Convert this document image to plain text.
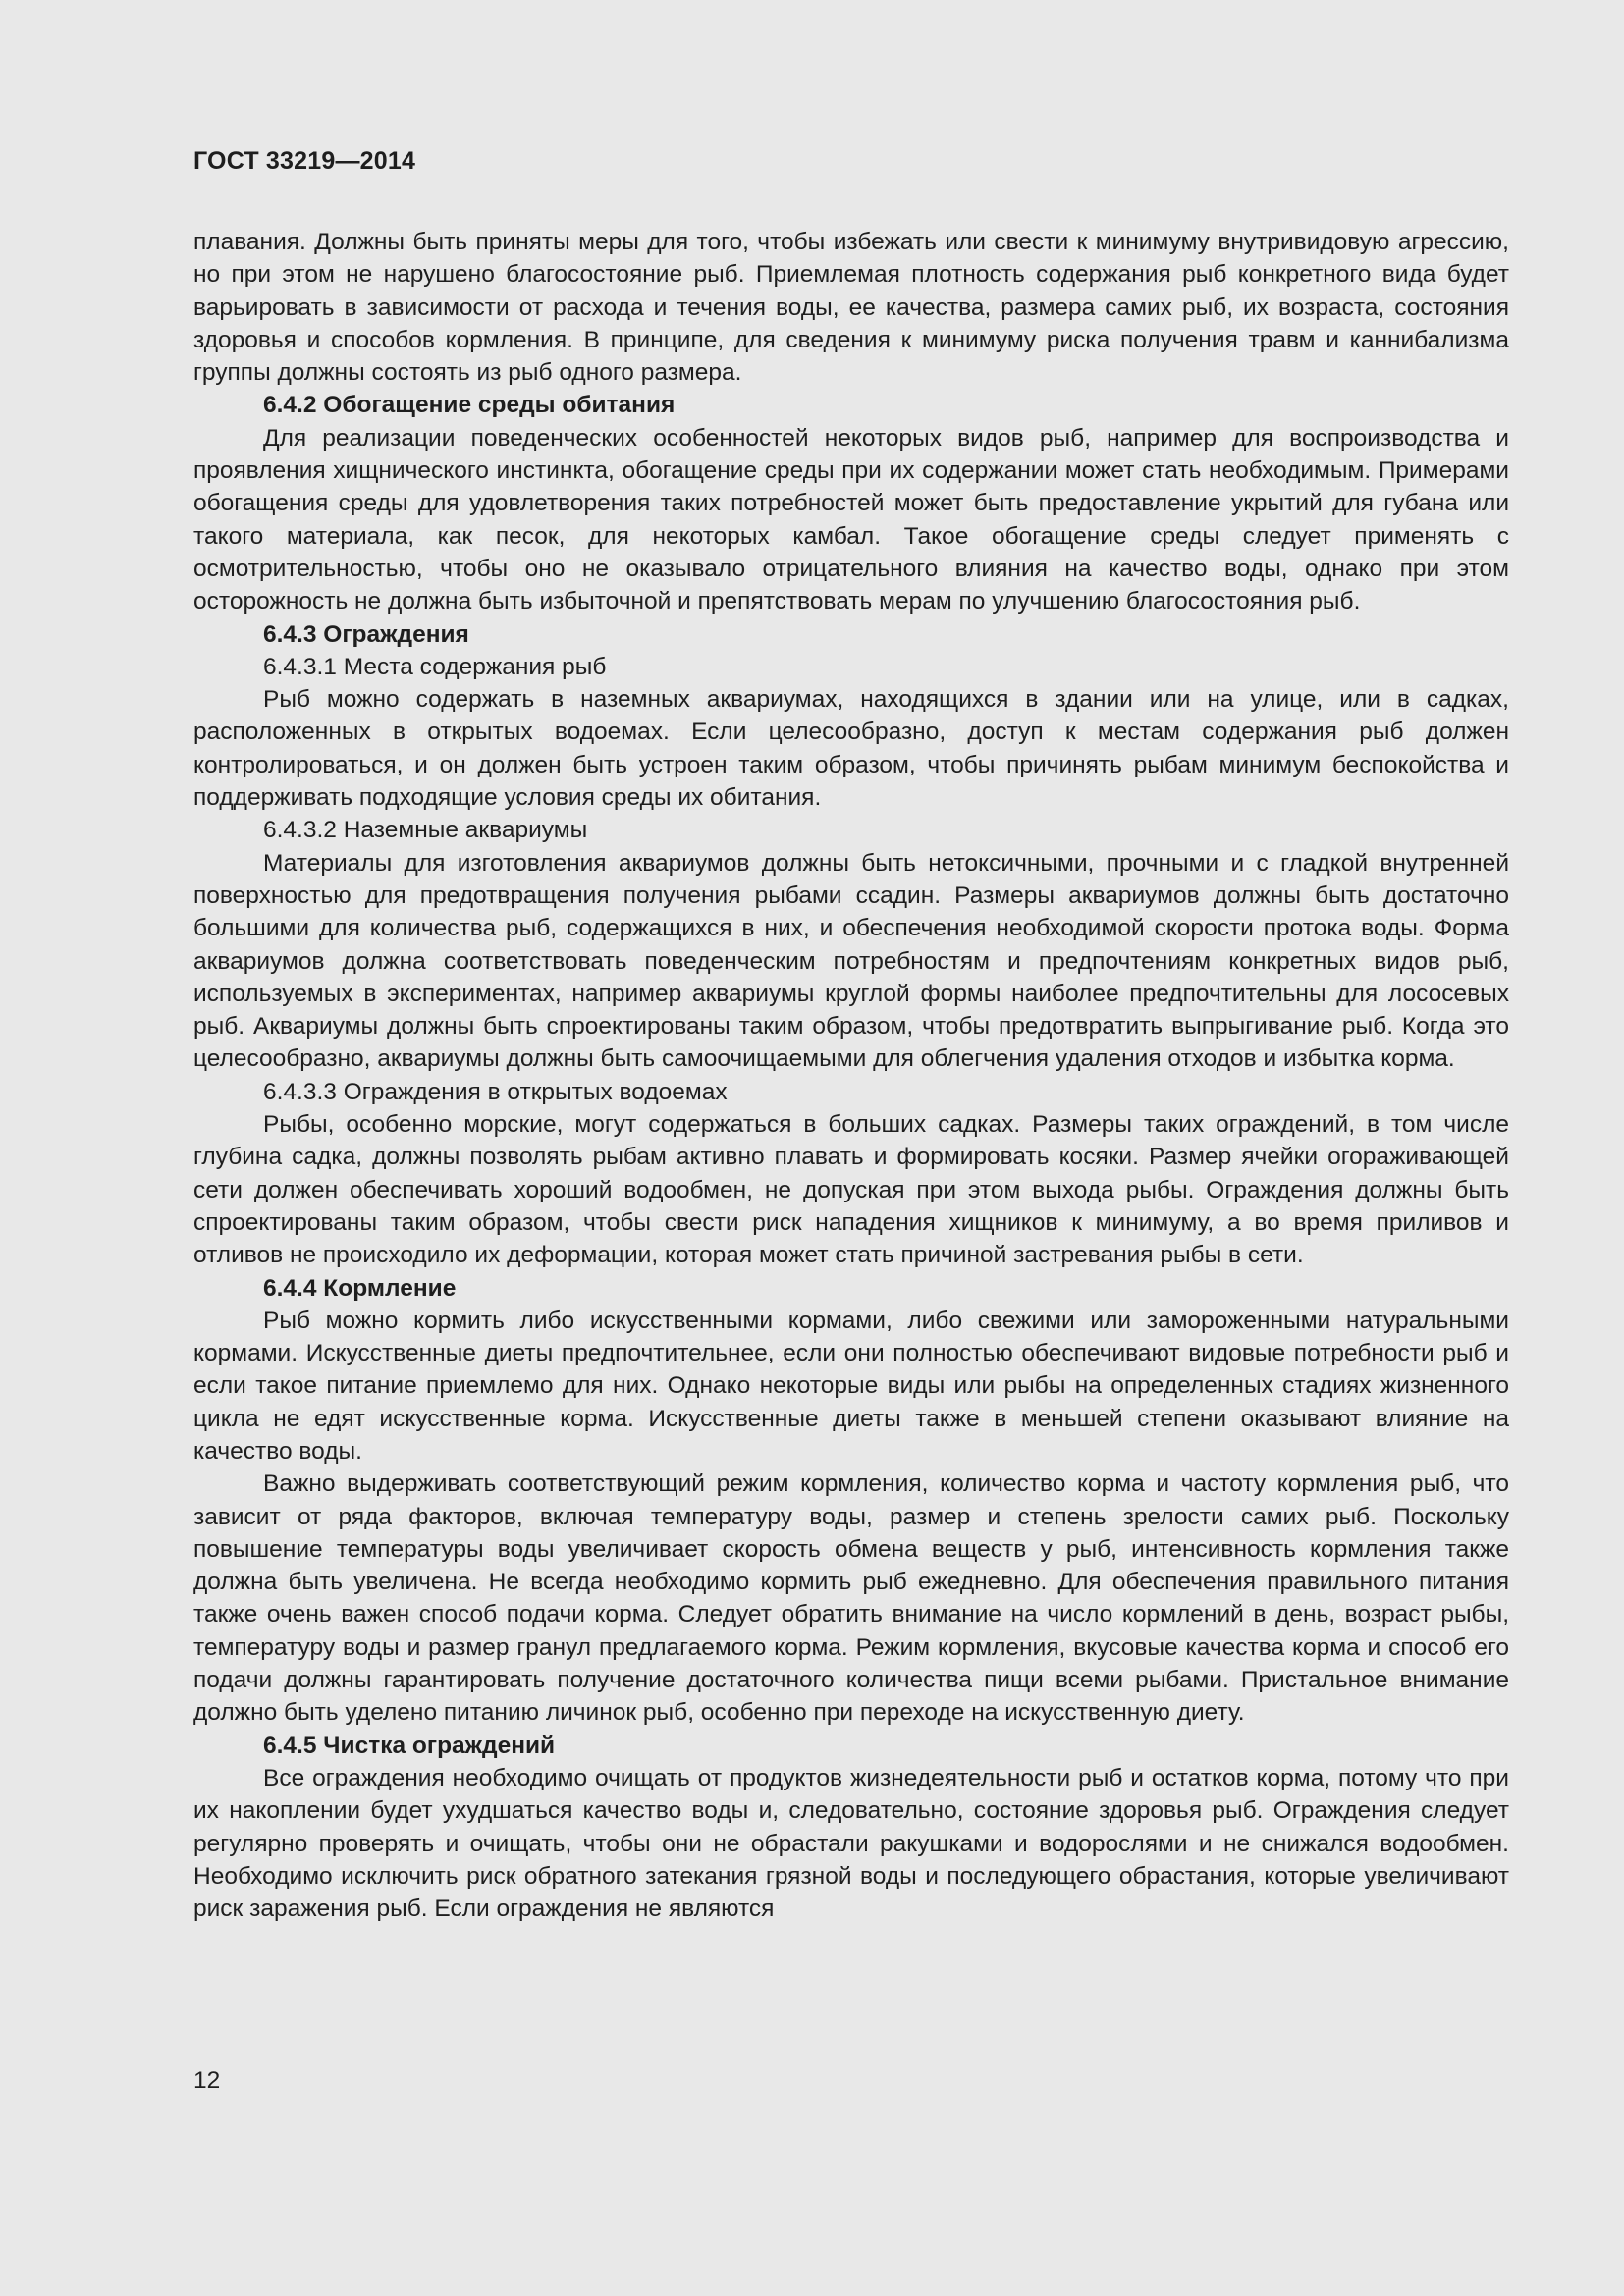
ГОСТ 33219—2014

плавания. Должны быть приняты меры для того, чтобы избежать или свести к минимуму внутривидовую агрессию, но при этом не нарушено благосостояние рыб. Приемлемая плотность содержания рыб конкретного вида будет варьировать в зависимости от расхода и течения воды, ее качества, размера самих рыб, их возраста, состояния здоровья и способов кормления. В принципе, для сведения к минимуму риска получения травм и каннибализма группы должны состоять из рыб одного размера.

6.4.2 Обогащение среды обитания

Для реализации поведенческих особенностей некоторых видов рыб, например для воспроизводства и проявления хищнического инстинкта, обогащение среды при их содержании может стать необходимым. Примерами обогащения среды для удовлетворения таких потребностей может быть предоставление укрытий для губана или такого материала, как песок, для некоторых камбал. Такое обогащение среды следует применять с осмотрительностью, чтобы оно не оказывало отрицательного влияния на качество воды, однако при этом осторожность не должна быть избыточной и препятствовать мерам по улучшению благосостояния рыб.

6.4.3 Ограждения
6.4.3.1 Места содержания рыб

Рыб можно содержать в наземных аквариумах, находящихся в здании или на улице, или в садках, расположенных в открытых водоемах. Если целесообразно, доступ к местам содержания рыб должен контролироваться, и он должен быть устроен таким образом, чтобы причинять рыбам минимум беспокойства и поддерживать подходящие условия среды их обитания.

6.4.3.2 Наземные аквариумы

Материалы для изготовления аквариумов должны быть нетоксичными, прочными и с гладкой внутренней поверхностью для предотвращения получения рыбами ссадин. Размеры аквариумов должны быть достаточно большими для количества рыб, содержащихся в них, и обеспечения необходимой скорости протока воды. Форма аквариумов должна соответствовать поведенческим потребностям и предпочтениям конкретных видов рыб, используемых в экспериментах, например аквариумы круглой формы наиболее предпочтительны для лососевых рыб. Аквариумы должны быть спроектированы таким образом, чтобы предотвратить выпрыгивание рыб. Когда это целесообразно, аквариумы должны быть самоочищаемыми для облегчения удаления отходов и избытка корма.

6.4.3.3 Ограждения в открытых водоемах

Рыбы, особенно морские, могут содержаться в больших садках. Размеры таких ограждений, в том числе глубина садка, должны позволять рыбам активно плавать и формировать косяки. Размер ячейки огораживающей сети должен обеспечивать хороший водообмен, не допуская при этом выхода рыбы. Ограждения должны быть спроектированы таким образом, чтобы свести риск нападения хищников к минимуму, а во время приливов и отливов не происходило их деформации, которая может стать причиной застревания рыбы в сети.

6.4.4 Кормление

Рыб можно кормить либо искусственными кормами, либо свежими или замороженными натуральными кормами. Искусственные диеты предпочтительнее, если они полностью обеспечивают видовые потребности рыб и если такое питание приемлемо для них. Однако некоторые виды или рыбы на определенных стадиях жизненного цикла не едят искусственные корма. Искусственные диеты также в меньшей степени оказывают влияние на качество воды.

Важно выдерживать соответствующий режим кормления, количество корма и частоту кормления рыб, что зависит от ряда факторов, включая температуру воды, размер и степень зрелости самих рыб. Поскольку повышение температуры воды увеличивает скорость обмена веществ у рыб, интенсивность кормления также должна быть увеличена. Не всегда необходимо кормить рыб ежедневно. Для обеспечения правильного питания также очень важен способ подачи корма. Следует обратить внимание на число кормлений в день, возраст рыбы, температуру воды и размер гранул предлагаемого корма. Режим кормления, вкусовые качества корма и способ его подачи должны гарантировать получение достаточного количества пищи всеми рыбами. Пристальное внимание должно быть уделено питанию личинок рыб, особенно при переходе на искусственную диету.

6.4.5 Чистка ограждений

Все ограждения необходимо очищать от продуктов жизнедеятельности рыб и остатков корма, потому что при их накоплении будет ухудшаться качество воды и, следовательно, состояние здоровья рыб. Ограждения следует регулярно проверять и очищать, чтобы они не обрастали ракушками и водорослями и не снижался водообмен. Необходимо исключить риск обратного затекания грязной воды и последующего обрастания, которые увеличивают риск заражения рыб. Если ограждения не являются

12
